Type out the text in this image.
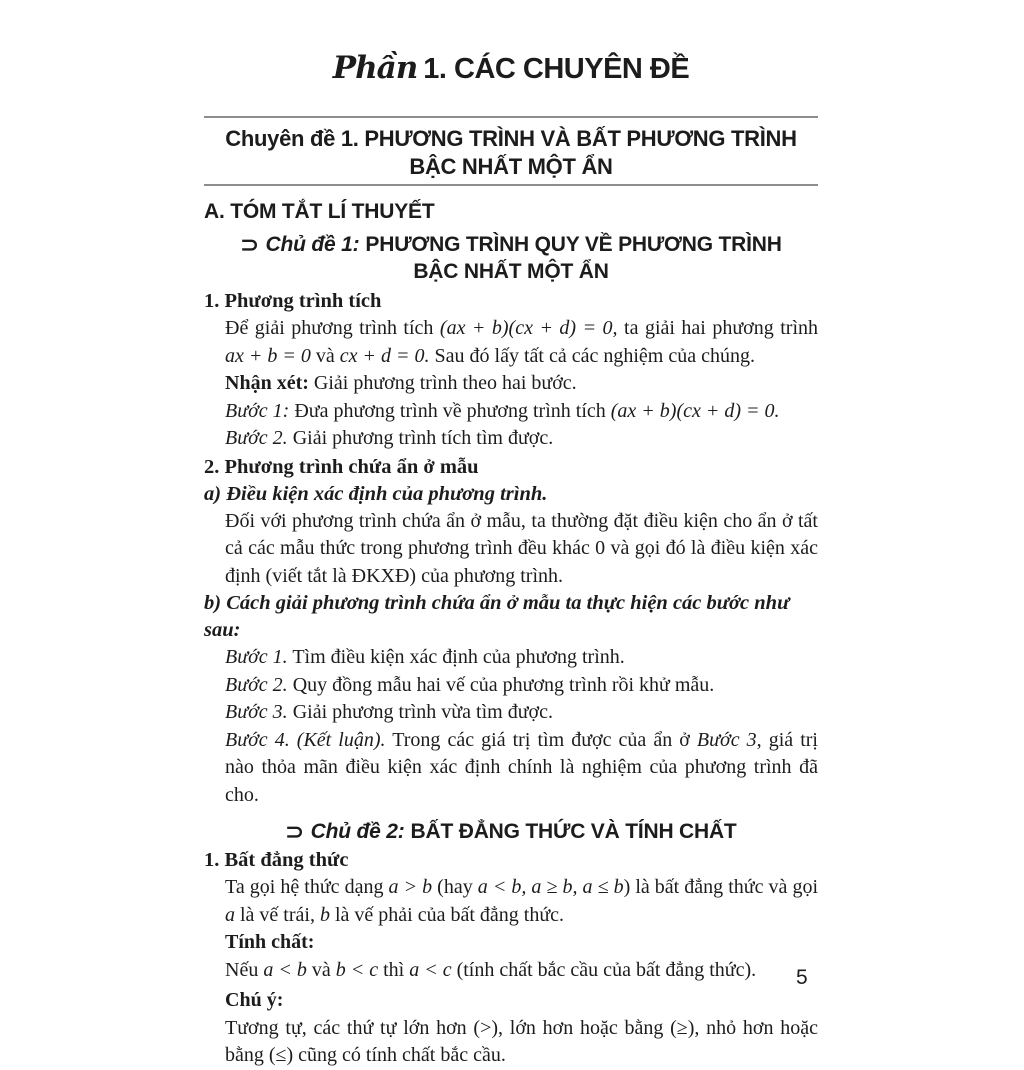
Phần 1. CÁC CHUYÊN ĐỀ
Chuyên đề 1. PHƯƠNG TRÌNH VÀ BẤT PHƯƠNG TRÌNH
BẬC NHẤT MỘT ẨN
A. TÓM TẮT LÍ THUYẾT
⊃ Chủ đề 1: PHƯƠNG TRÌNH QUY VỀ PHƯƠNG TRÌNH
BẬC NHẤT MỘT ẨN
1. Phương trình tích
Để giải phương trình tích (ax + b)(cx + d) = 0, ta giải hai phương trình ax + b = 0 và cx + d = 0. Sau đó lấy tất cả các nghiệm của chúng.
Nhận xét: Giải phương trình theo hai bước.
Bước 1: Đưa phương trình về phương trình tích (ax + b)(cx + d) = 0.
Bước 2. Giải phương trình tích tìm được.
2. Phương trình chứa ẩn ở mẫu
a) Điều kiện xác định của phương trình.
Đối với phương trình chứa ẩn ở mẫu, ta thường đặt điều kiện cho ẩn ở tất cả các mẫu thức trong phương trình đều khác 0 và gọi đó là điều kiện xác định (viết tắt là ĐKXĐ) của phương trình.
b) Cách giải phương trình chứa ẩn ở mẫu ta thực hiện các bước như sau:
Bước 1. Tìm điều kiện xác định của phương trình.
Bước 2. Quy đồng mẫu hai vế của phương trình rồi khử mẫu.
Bước 3. Giải phương trình vừa tìm được.
Bước 4. (Kết luận). Trong các giá trị tìm được của ẩn ở Bước 3, giá trị nào thỏa mãn điều kiện xác định chính là nghiệm của phương trình đã cho.
⊃ Chủ đề 2: BẤT ĐẲNG THỨC VÀ TÍNH CHẤT
1. Bất đẳng thức
Ta gọi hệ thức dạng a > b (hay a < b, a ≥ b, a ≤ b) là bất đẳng thức và gọi a là vế trái, b là vế phải của bất đẳng thức.
Tính chất:
Nếu a < b và b < c thì a < c (tính chất bắc cầu của bất đẳng thức).
Chú ý:
Tương tự, các thứ tự lớn hơn (>), lớn hơn hoặc bằng (≥), nhỏ hơn hoặc bằng (≤) cũng có tính chất bắc cầu.
5
